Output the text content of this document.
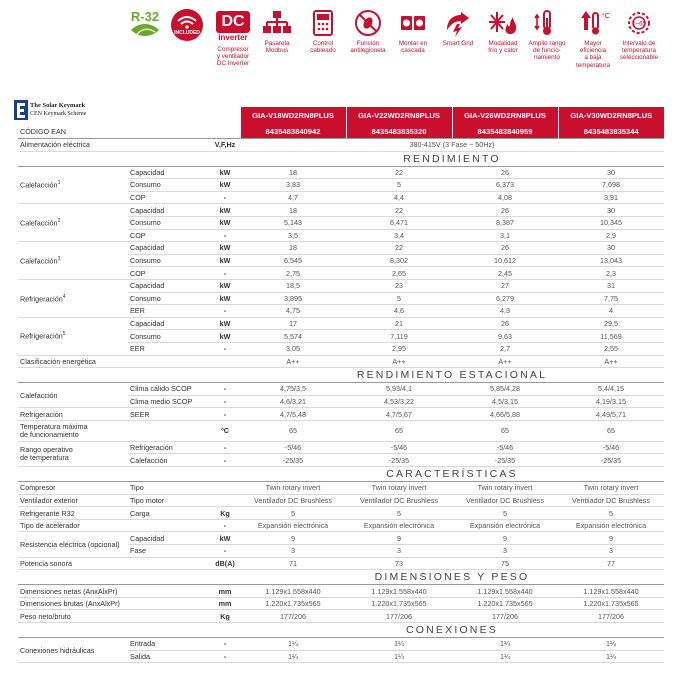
R-32
INCLUDED
DC
inverter
Compresor
y ventilador
DC Inverter
Pasarela
Modbus
Control
cableado
Función
antilegionela
Montar en
cascada
Smart Grid Modalidad
frío y calor
Amplio rango
de funcio-
namiento
°C
Mayor
eficiencia
a baja
temperatura
5~65
Intervalo de
temperatura
seleccionable
The Solar Keymark
CEN Keymark Scheme
			GIA-V18WD2RN8PLUS	GIA-V22WD2RN8PLUS	GIA-V26WD2RN8PLUS	GIA-V30WD2RN8PLUS
CÓDIGO EAN			8435483840942	8435483835320	8435483840959	8435483835344
Alimentación eléctrica		V,F,Hz	380-415V (3 Fase ~ 50Hz)			
			RENDIMIENTO			
Calefacción$^1$	Capacidad	kW	18	22	26	30
	Consumo	kW	3,83	5	6,373	7,698
	COP	-	4,7	4,4	4,08	3,91
Calefacción$^2$	Capacidad	kW	18	22	26	30
	Consumo	kW	5,143	6,471	8,387	10,345
	COP	-	3,5	3,4	3,1	2,9
Calefacción$^3$	Capacidad	kW	18	22	26	30
	Consumo	kW	6,545	8,302	10,612	13,043
	COP	-	2,75	2,65	2,45	2,3
Refrigeración$^4$	Capacidad	kW	18,5	23	27	31
	Consumo	kW	3,895	5	6,279	7,75
	EER	-	4,75	4,6	4,3	4
Refrigeración$^5$	Capacidad	kW	17	21	26	29,5
	Consumo	kW	5,574	7,119	9,63	11,569
	EER	-	3,05	2,95	2,7	2,55
Clasificación energética			A++	A++	A++	A++
			RENDIMIENTO ESTACIONAL			
Calefacción	Clima cálido SCOP	-	4,75/3,5	5,93/4,1	5,85/4,28	5,4/4,15
	Clima medio SCOP	-	4,6/3,21	4,53/3,22	4,5/3,15	4,19/3,15
Refrigeración	SEER	-	4,7/5,48	4,7/5,67	4,66/5,88	4,49/5,71
Temperatura máxima
de funcionamiento		ºC	65	65	65	65
Rango operativo
de temperatura	Refrigeración	-	-5/46	-5/46	-5/46	-5/46
	Calefacción	-	-25/35	-25/35	-25/35	-25/35
			CARACTERÍSTICAS			
Compresor	Tipo		Twin rotary invert	Twin rotary invert	Twin rotary invert	Twin rotary invert
Ventilador exterior	Tipo motor		Ventilador DC Brushless	Ventilador DC Brushless	Ventilador DC Brushless	Ventilador DC Brushless
Refrigerante R32	Carga	Kg	5	5	5	5
Tipo de acelerador		-	Expansión electrónica	Expansión electrónica	Expansión electrónica	Expansión electrónica
Resistencia eléctrica (opcional)	Capacidad	kW	9	9	9	9
	Fase	-	3	3	3	3
Potencia sonora		dB(A)	71	73	75	77
			DIMENSIONES Y PESO			
Dimensiones netas (AnxAlxPr)		mm	1.129x1.558x440	1.129x1.558x440	1.129x1.558x440	1.129x1.558x440
Dimensiones brutas (AnxAlxPr)		mm	1.220x1.735x565	1.220x1.735x565	1.220x1.735x565	1.220x1.735x565
Peso neto/bruto		Kg	177/206	177/206	177/206	177/206
			CONEXIONES			
Conexiones hidráulicas	Entrada	-	1¼	1¼	1¼	1¼
	Salida	-	1¼	1¼	1¼	1¼
